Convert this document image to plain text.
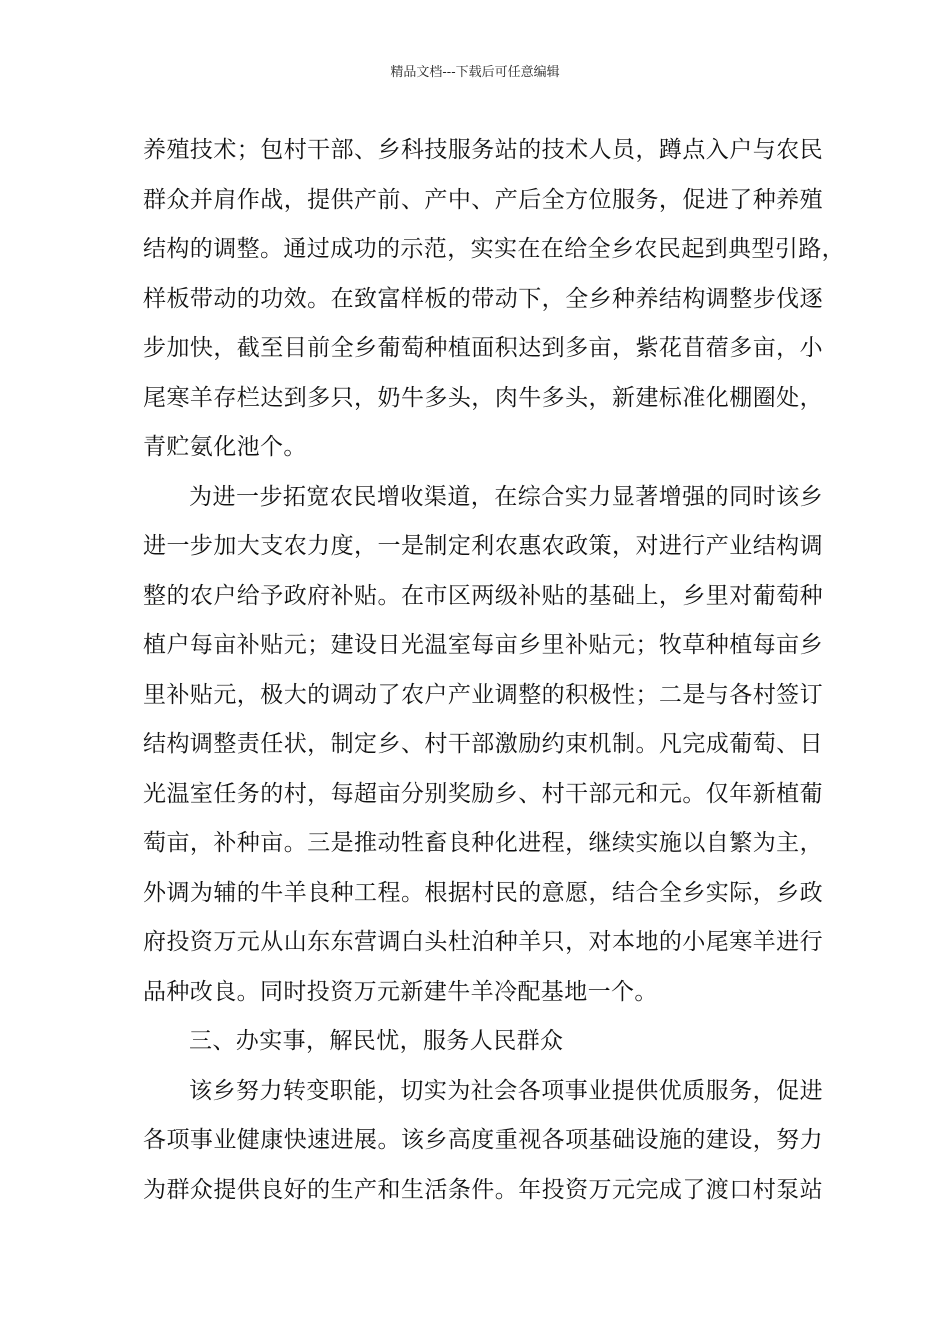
精品文档---下载后可任意编辑
养殖技术；包村干部、乡科技服务站的技术人员，蹲点入户与农民
群众并肩作战，提供产前、产中、产后全方位服务，促进了种养殖
结构的调整。通过成功的示范，实实在在给全乡农民起到典型引路，
样板带动的功效。在致富样板的带动下，全乡种养结构调整步伐逐
步加快，截至目前全乡葡萄种植面积达到多亩，紫花苜蓿多亩，小
尾寒羊存栏达到多只，奶牛多头，肉牛多头，新建标准化棚圈处，
青贮氨化池个。
为进一步拓宽农民增收渠道，在综合实力显著增强的同时该乡
进一步加大支农力度，一是制定利农惠农政策，对进行产业结构调
整的农户给予政府补贴。在市区两级补贴的基础上，乡里对葡萄种
植户每亩补贴元；建设日光温室每亩乡里补贴元；牧草种植每亩乡
里补贴元，极大的调动了农户产业调整的积极性；二是与各村签订
结构调整责任状，制定乡、村干部激励约束机制。凡完成葡萄、日
光温室任务的村，每超亩分别奖励乡、村干部元和元。仅年新植葡
萄亩，补种亩。三是推动牲畜良种化进程，继续实施以自繁为主，
外调为辅的牛羊良种工程。根据村民的意愿，结合全乡实际，乡政
府投资万元从山东东营调白头杜泊种羊只，对本地的小尾寒羊进行
品种改良。同时投资万元新建牛羊冷配基地一个。
三、办实事，解民忧，服务人民群众
该乡努力转变职能，切实为社会各项事业提供优质服务，促进
各项事业健康快速进展。该乡高度重视各项基础设施的建设，努力
为群众提供良好的生产和生活条件。年投资万元完成了渡口村泵站
